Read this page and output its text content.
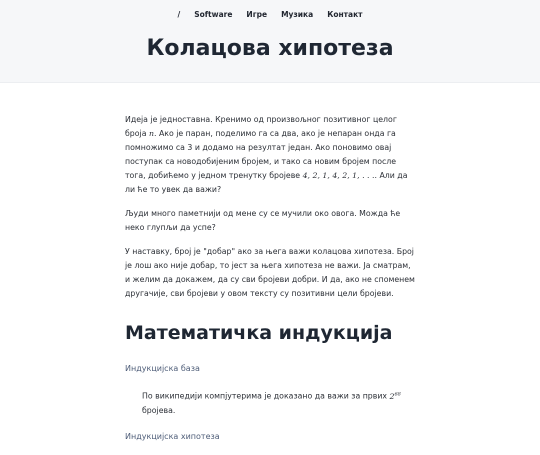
/ Software Игре Музика Контакт
Колацова хипотеза

Идеја је једноставна. Кренимо од произвољног позитивног целог броја n. Ако је паран, поделимо га са два, ако је непаран онда га помножимо са 3 и додамо на резултат један. Ако поновимо овај поступак са новодобијеним бројем, и тако са новим бројем после тога, добићемо у једном тренутку бројеве 4, 2, 1, 4, 2, 1, . . .. Али да ли ће то увек да важи?

Људи много паметнији од мене су се мучили око овога. Можда ће неко глупљи да успе?

У наставку, број је "добар" ако за њега важи колацова хипотеза. Број је лош ако није добар, то јест за њега хипотеза не важи. Ја сматрам, и желим да докажем, да су сви бројеви добри. И да, ако не споменем другачије, сви бројеви у овом тексту су позитивни цели бројеви.

Математичка индукција
Индукцијска база
По википедији компјутерима је доказано да важи за првих $2^{68}$ бројева.
Индукцијска хипотеза
